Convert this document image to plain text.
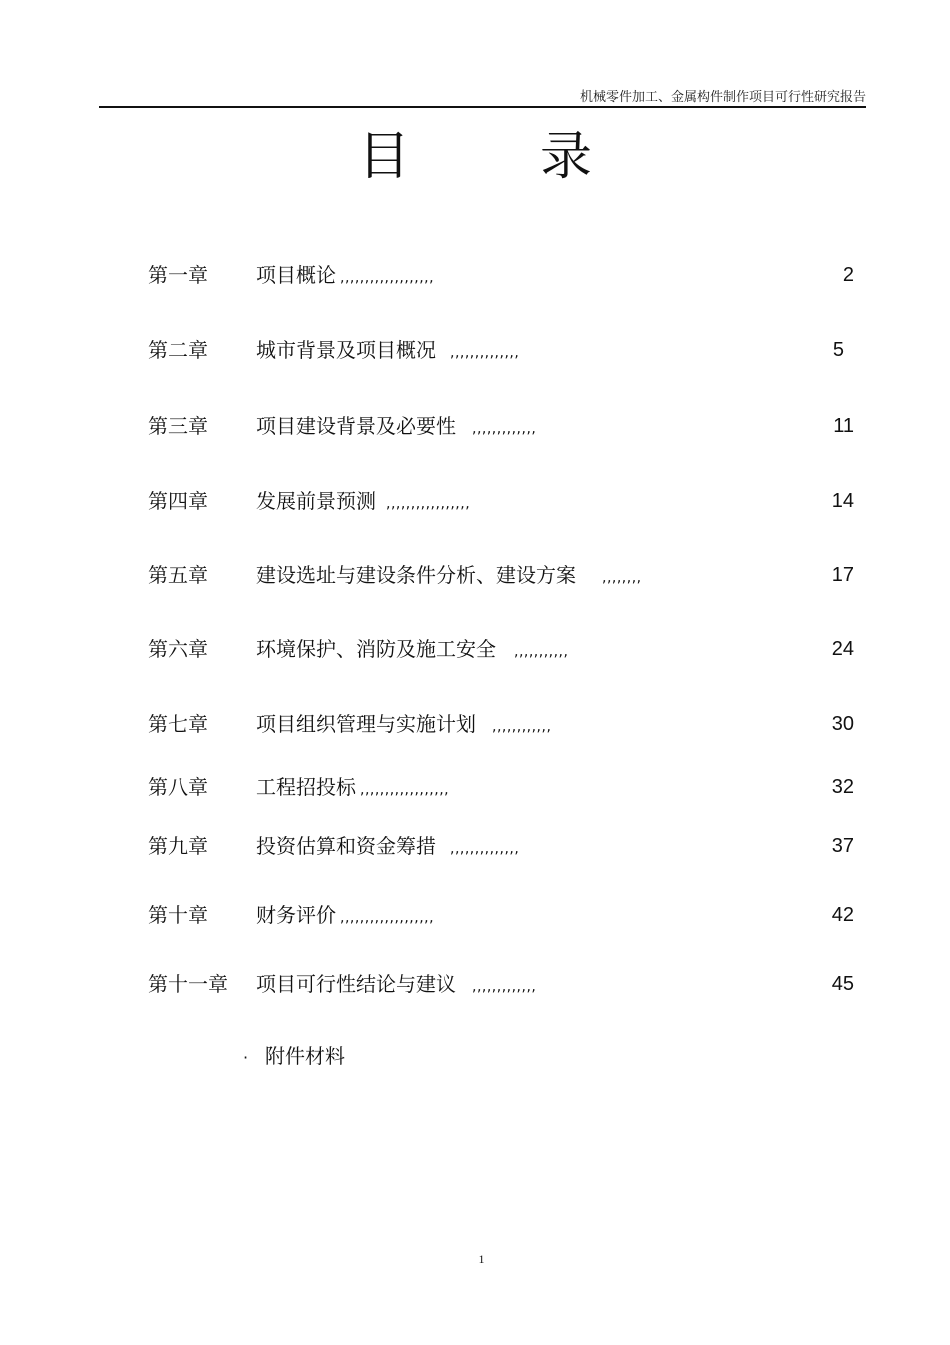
机械零件加工、金属构件制作项目可行性研究报告
目	录
第一章 项目概论 ,,,,,,,,,,,,,,,,,,,	2
第二章 城市背景及项目概况 ,,,,,,,,,,,,,,	5
第三章 项目建设背景及必要性 ,,,,,,,,,,,,,	11
第四章 发展前景预测 ,,,,,,,,,,,,,,,,,	14
第五章 建设选址与建设条件分析、建设方案 ,,,,,,,,	17
第六章 环境保护、消防及施工安全 ,,,,,,,,,,,	24
第七章 项目组织管理与实施计划 ,,,,,,,,,,,,	30
第八章 工程招投标 ,,,,,,,,,,,,,,,,,,	32
第九章 投资估算和资金筹措 ,,,,,,,,,,,,,,	37
第十章 财务评价 ,,,,,,,,,,,,,,,,,,,	42
第十一章 项目可行性结论与建议 ,,,,,,,,,,,,,	45
· 附件材料
1
